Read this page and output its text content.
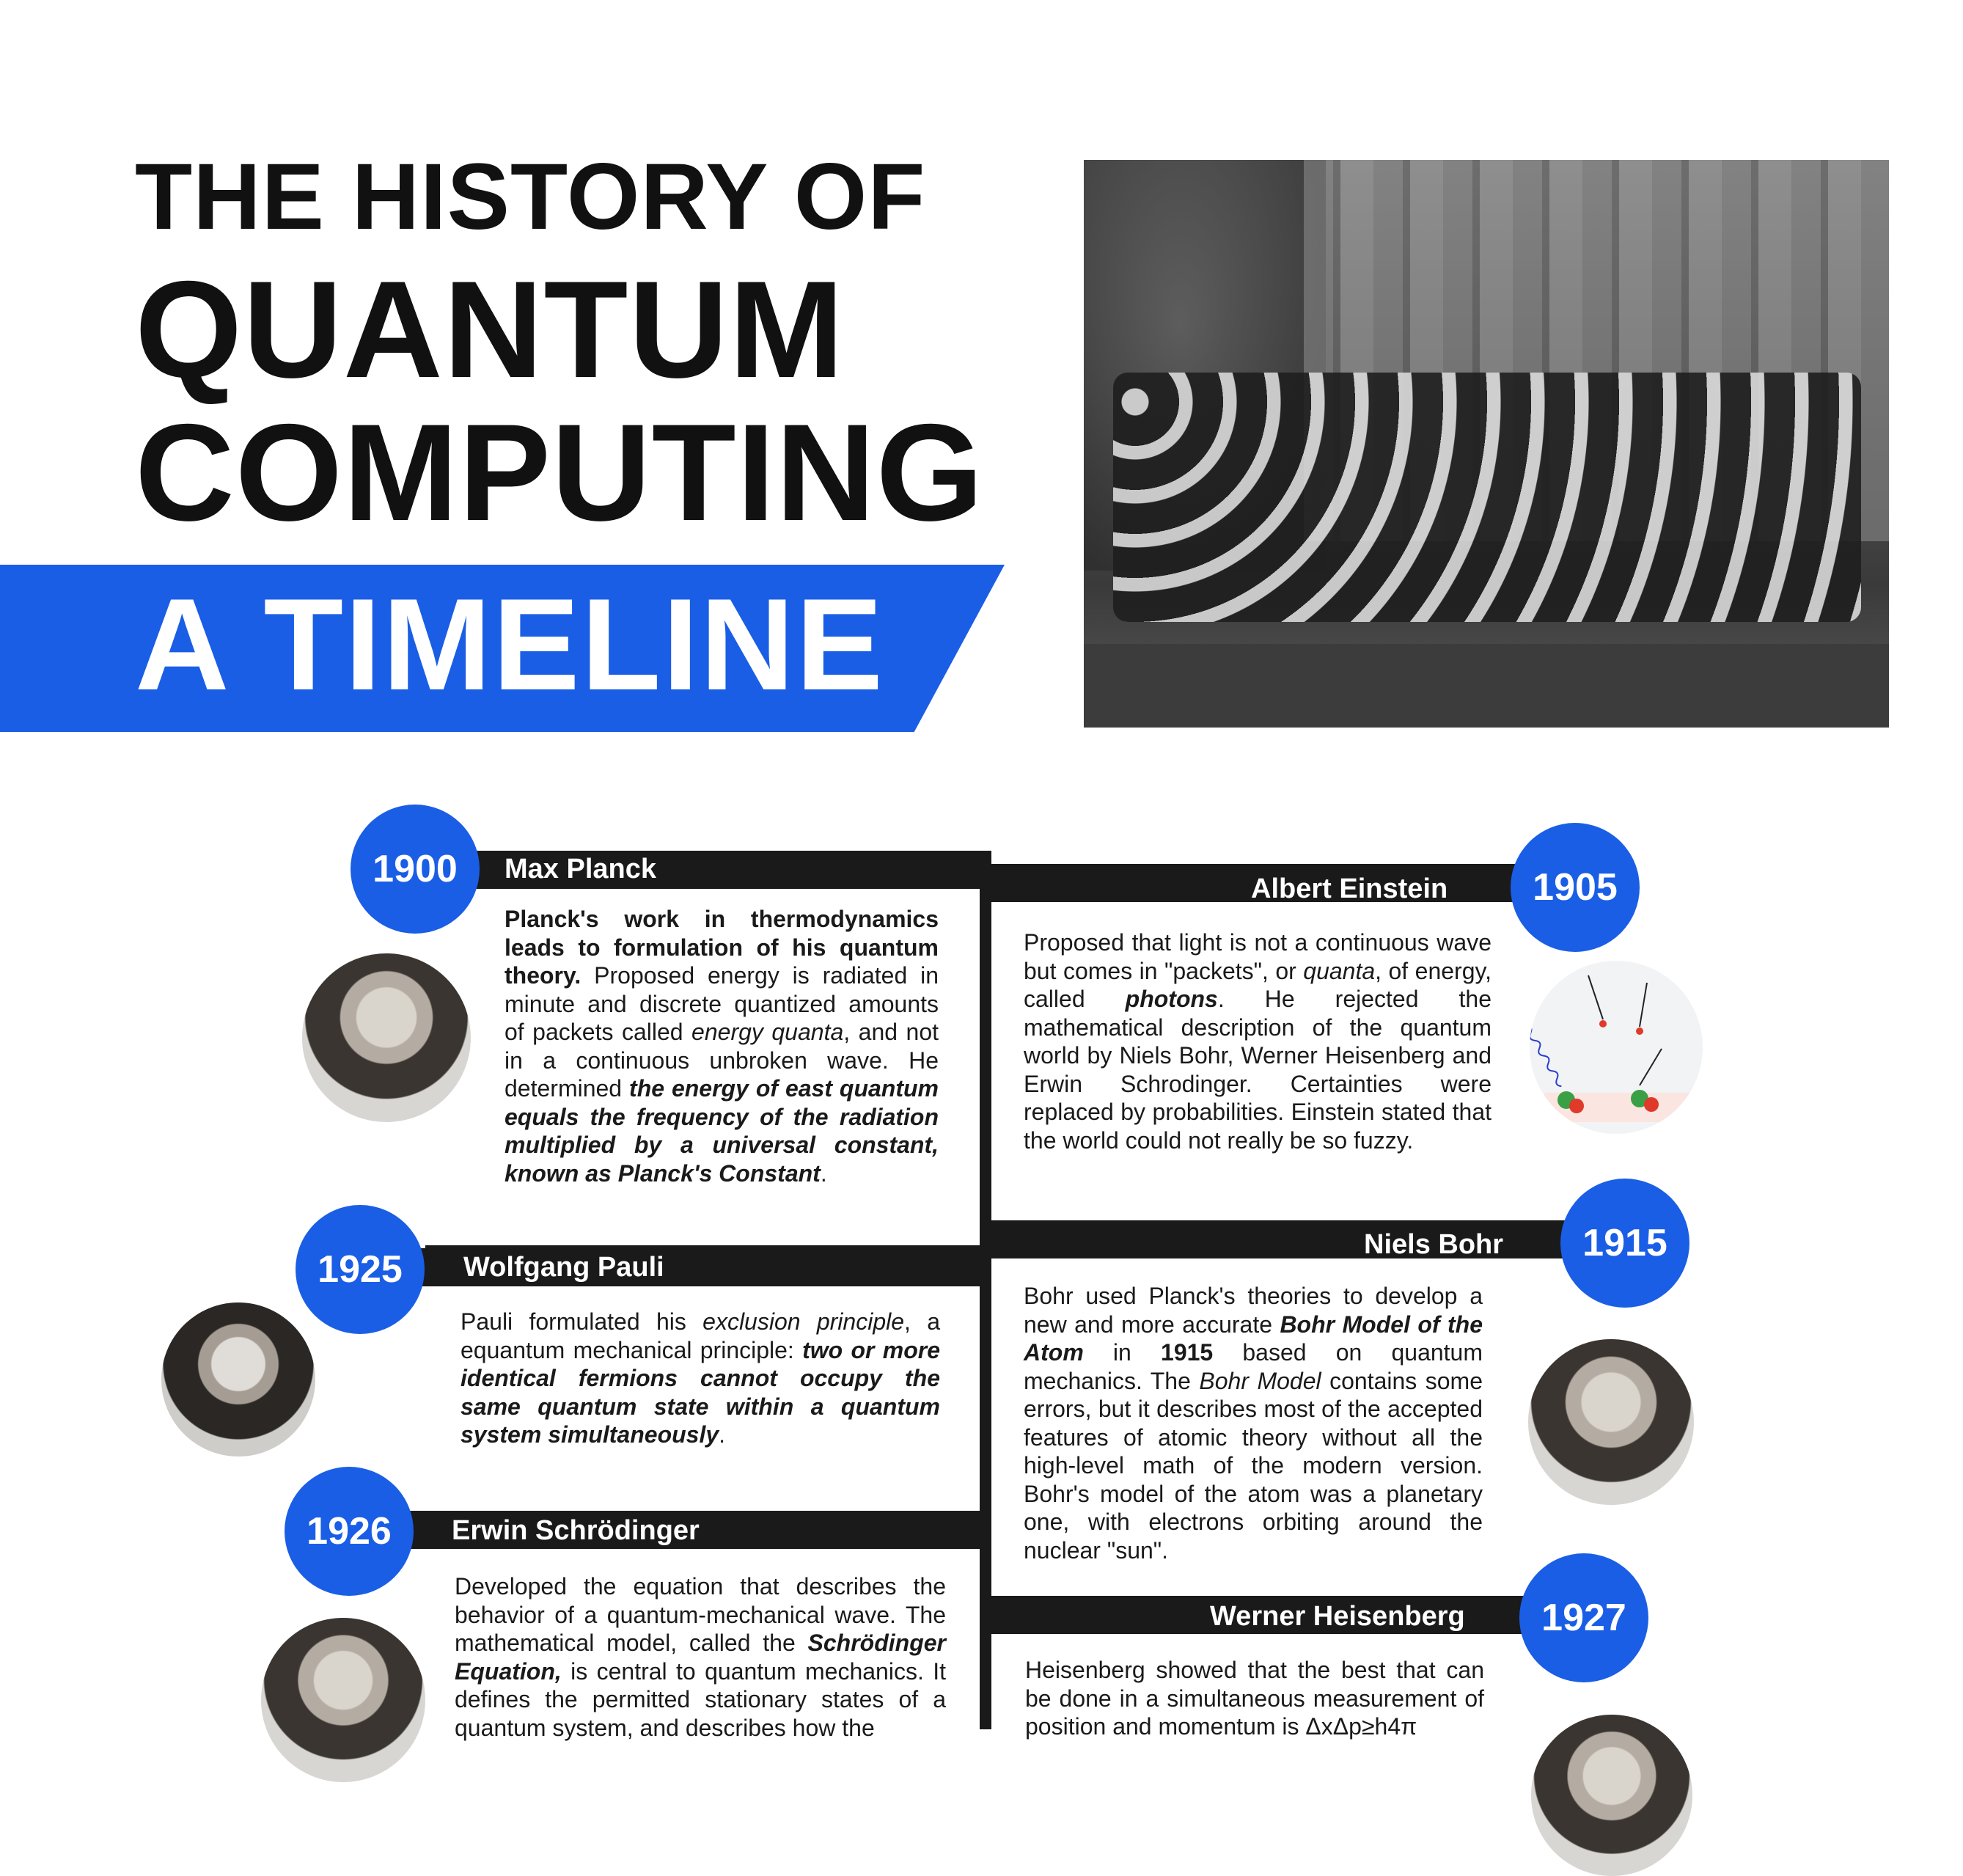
THE HISTORY OF
QUANTUM
COMPUTING
A TIMELINE
1900	Max Planck
Planck's work in thermodynamics leads to formulation of his quantum theory. Proposed energy is radiated in minute and discrete quantized amounts of packets called energy quanta, and not in a continuous unbroken wave. He determined the energy of east quantum equals the frequency of the radiation multiplied by a universal constant, known as Planck's Constant.
Albert Einstein	1905
Proposed that light is not a continuous wave but comes in "packets", or quanta, of energy, called photons. He rejected the mathematical description of the quantum world by Niels Bohr, Werner Heisenberg and Erwin Schrodinger. Certainties were replaced by probabilities. Einstein stated that the world could not really be so fuzzy.
1925	Wolfgang Pauli
Pauli formulated his exclusion principle, a equantum mechanical principle: two or more identical fermions cannot occupy the same quantum state within a quantum system simultaneously.
Niels Bohr	1915
Bohr used Planck's theories to develop a new and more accurate Bohr Model of the Atom in 1915 based on quantum mechanics. The Bohr Model contains some errors, but it describes most of the accepted features of atomic theory without all the high-level math of the modern version. Bohr's model of the atom was a planetary one, with electrons orbiting around the nuclear "sun".
1926	Erwin Schrödinger
Developed the equation that describes the behavior of a quantum-mechanical wave. The mathematical model, called the Schrödinger Equation, is central to quantum mechanics. It defines the permitted stationary states of a quantum system, and describes how the
Werner Heisenberg	1927
Heisenberg showed that the best that can be done in a simultaneous measurement of position and momentum is ΔxΔp≥h4π
